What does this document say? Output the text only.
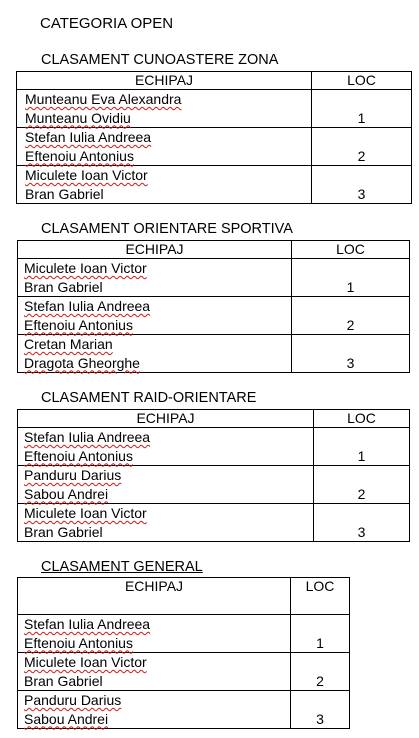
CATEGORIA OPEN
CLASAMENT CUNOASTERE ZONA
ECHIPAJ	LOC

Munteanu Eva Alexandra
Munteanu Ovidiu	1

Stefan Iulia Andreea
Eftenoiu Antonius	2

Miculete Ioan Victor
Bran Gabriel	3
CLASAMENT ORIENTARE SPORTIVA
ECHIPAJ	LOC

Miculete Ioan Victor
Bran Gabriel	1

Stefan Iulia Andreea
Eftenoiu Antonius	2

Cretan Marian
Dragota Gheorghe	3
CLASAMENT RAID-ORIENTARE
ECHIPAJ	LOC

Stefan Iulia Andreea
Eftenoiu Antonius	1

Panduru Darius
Sabou Andrei	2

Miculete Ioan Victor
Bran Gabriel	3
CLASAMENT GENERAL
ECHIPAJ	LOC

Stefan Iulia Andreea
Eftenoiu Antonius	1

Miculete Ioan Victor
Bran Gabriel	2

Panduru Darius
Sabou Andrei	3
